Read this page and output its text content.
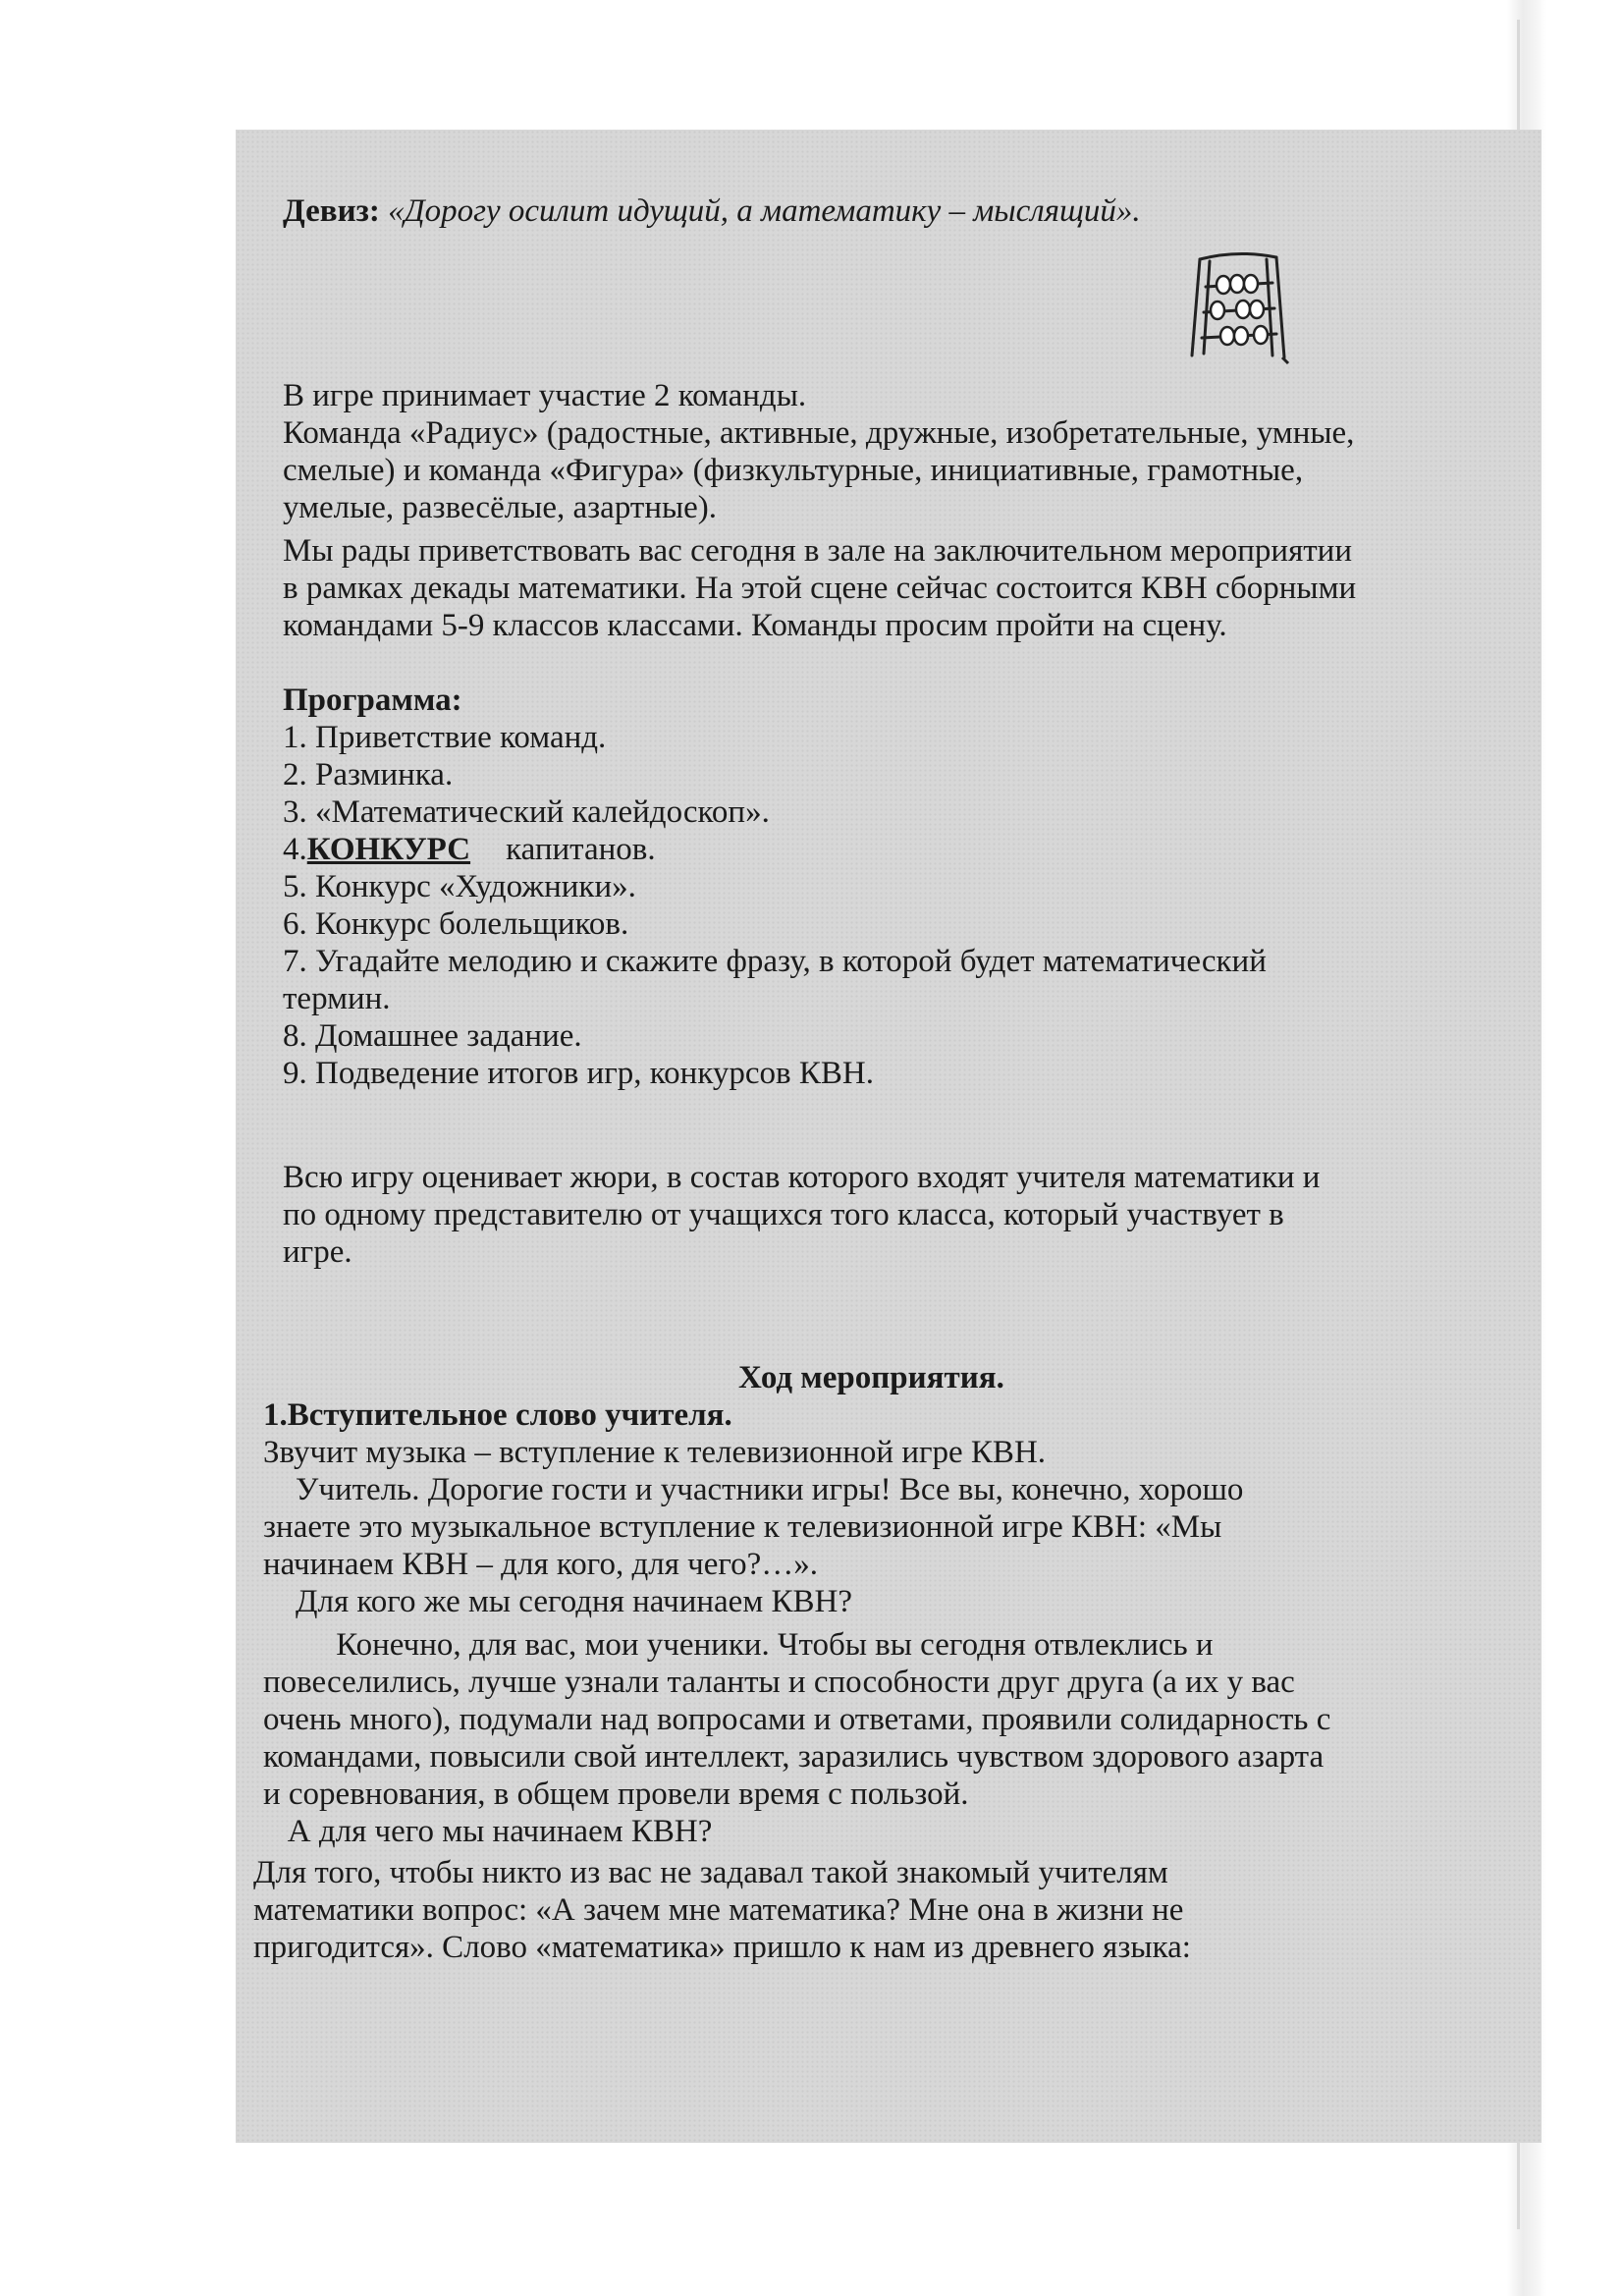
Девиз: «Дорогу осилит идущий, а математику – мыслящий».
В игре принимает участие 2 команды.
Команда «Радиус» (радостные, активные, дружные, изобретательные, умные,
смелые) и команда «Фигура» (физкультурные, инициативные, грамотные,
умелые, развесёлые, азартные).
Мы рады приветствовать вас сегодня в зале на заключительном мероприятии
в рамках декады математики. На этой сцене сейчас состоится КВН сборными
командами 5-9 классов классами. Команды просим пройти на сцену.
Программа:
1. Приветствие команд.
2. Разминка.
3. «Математический калейдоскоп».
4.КОНКУРС капитанов.
5. Конкурс «Художники».
6. Конкурс болельщиков.
7. Угадайте мелодию и скажите фразу, в которой будет математический
термин.
8. Домашнее задание.
9. Подведение итогов игр, конкурсов КВН.
Всю игру оценивает жюри, в состав которого входят учителя математики и
по одному представителю от учащихся того класса, который участвует в
игре.
Ход мероприятия.
1.Вступительное слово учителя.
Звучит музыка – вступление к телевизионной игре КВН.
Учитель. Дорогие гости и участники игры! Все вы, конечно, хорошо
знаете это музыкальное вступление к телевизионной игре КВН: «Мы
начинаем КВН – для кого, для чего?…».
Для кого же мы сегодня начинаем КВН?
Конечно, для вас, мои ученики. Чтобы вы сегодня отвлеклись и
повеселились, лучше узнали таланты и способности друг друга (а их у вас
очень много), подумали над вопросами и ответами, проявили солидарность с
командами, повысили свой интеллект, заразились чувством здорового азарта
и соревнования, в общем провели время с пользой.
А для чего мы начинаем КВН?
Для того, чтобы никто из вас не задавал такой знакомый учителям
математики вопрос: «А зачем мне математика? Мне она в жизни не
пригодится». Слово «математика» пришло к нам из древнего языка:
